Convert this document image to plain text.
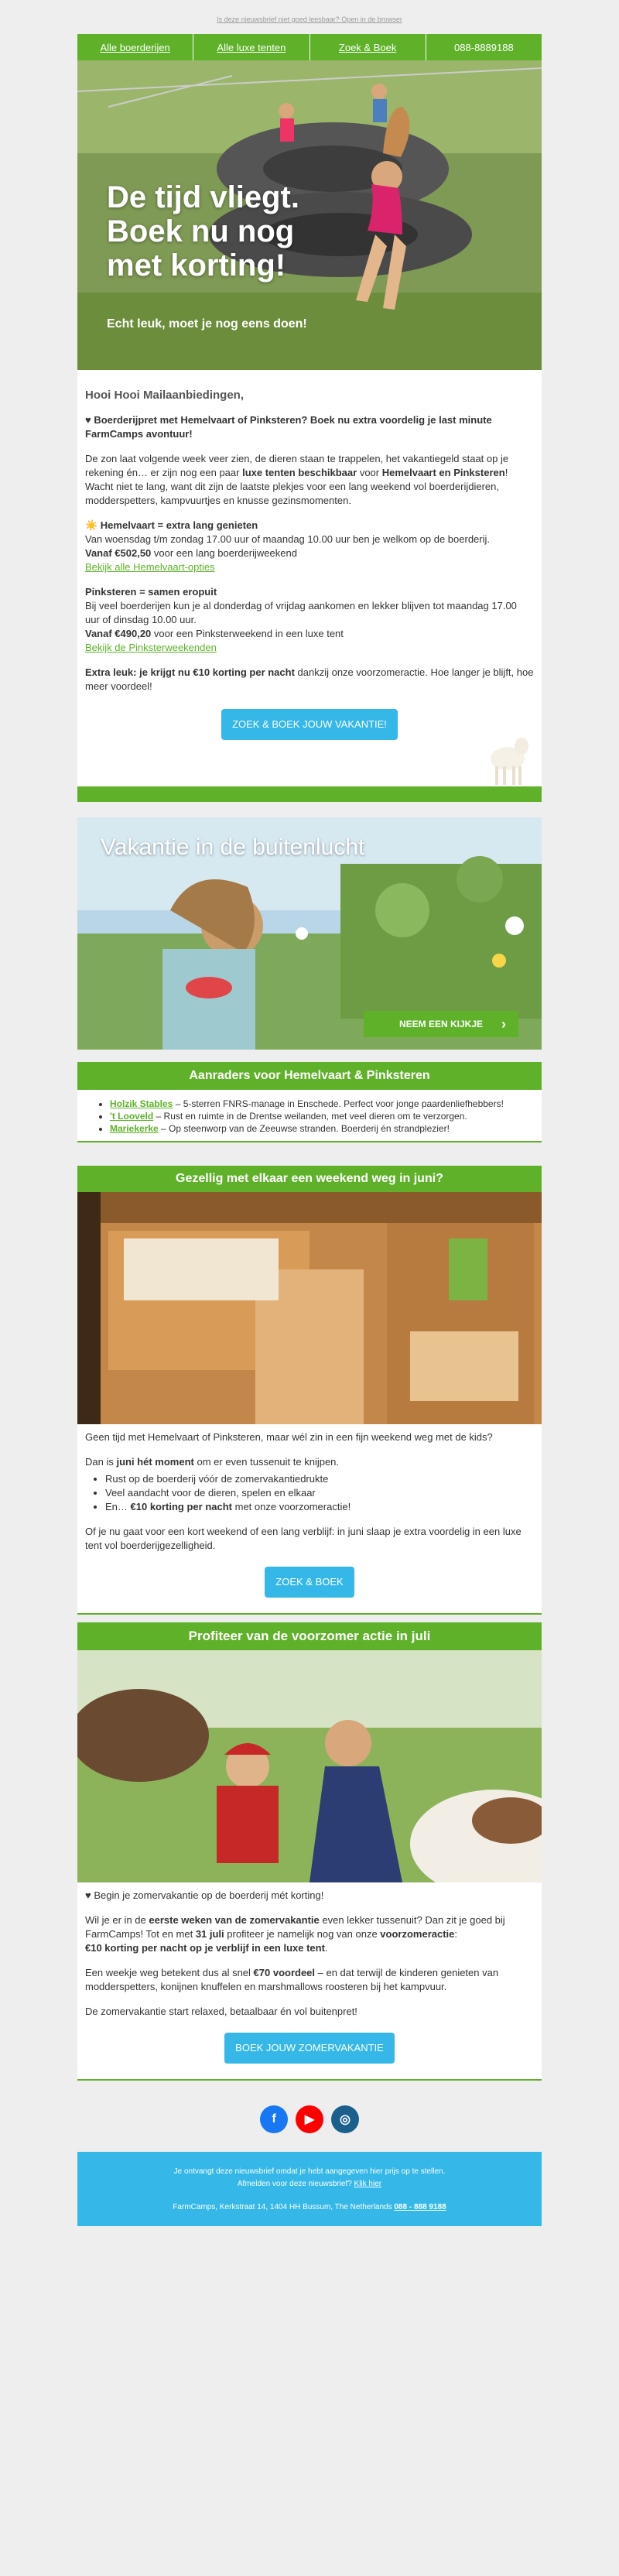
Is deze nieuwsbrief niet goed leesbaar? Open in de browser
Alle boerderijen	Alle luxe tenten	Zoek & Boek	088-8889188
De tijd vliegt.
Boek nu nog
met korting!
Echt leuk, moet je nog eens doen!

Hooi Hooi Mailaanbiedingen,

♥ Boerderijpret met Hemelvaart of Pinksteren? Boek nu extra voordelig je last minute FarmCamps avontuur!

De zon laat volgende week veer zien, de dieren staan te trappelen, het vakantiegeld staat op je rekening én… er zijn nog een paar luxe tenten beschikbaar voor Hemelvaart en Pinksteren! Wacht niet te lang, want dit zijn de laatste plekjes voor een lang weekend vol boerderijdieren, modderspetters, kampvuurtjes en knusse gezinsmomenten.

☀️ Hemelvaart = extra lang genieten
Van woensdag t/m zondag 17.00 uur of maandag 10.00 uur ben je welkom op de boerderij.
Vanaf €502,50 voor een lang boerderijweekend
Bekijk alle Hemelvaart-opties

Pinksteren = samen eropuit
Bij veel boerderijen kun je al donderdag of vrijdag aankomen en lekker blijven tot maandag 17.00 uur of dinsdag 10.00 uur.
Vanaf €490,20 voor een Pinksterweekend in een luxe tent
Bekijk de Pinksterweekenden

Extra leuk: je krijgt nu €10 korting per nacht dankzij onze voorzomeractie. Hoe langer je blijft, hoe meer voordeel!

ZOEK & BOEK JOUW VAKANTIE!
Vakantie in de buitenlucht
NEEM EEN KIJKJE ›
Aanraders voor Hemelvaart & Pinksteren
• Holzik Stables – 5-sterren FNRS-manage in Enschede. Perfect voor jonge paardenliefhebbers!
• 't Looveld – Rust en ruimte in de Drentse weilanden, met veel dieren om te verzorgen.
• Mariekerke – Op steenworp van de Zeeuwse stranden. Boerderij én strandplezier!
Gezellig met elkaar een weekend weg in juni?

Geen tijd met Hemelvaart of Pinksteren, maar wél zin in een fijn weekend weg met de kids?

Dan is juni hét moment om er even tussenuit te knijpen.

• Rust op de boerderij vóór de zomervakantiedrukte
• Veel aandacht voor de dieren, spelen en elkaar
• En… €10 korting per nacht met onze voorzomeractie!

Of je nu gaat voor een kort weekend of een lang verblijf: in juni slaap je extra voordelig in een luxe tent vol boerderijgezelligheid.

ZOEK & BOEK
Profiteer van de voorzomer actie in juli

♥ Begin je zomervakantie op de boerderij mét korting!

Wil je er in de eerste weken van de zomervakantie even lekker tussenuit? Dan zit je goed bij FarmCamps! Tot en met 31 juli profiteer je namelijk nog van onze voorzomeractie:
€10 korting per nacht op je verblijf in een luxe tent.

Een weekje weg betekent dus al snel €70 voordeel – en dat terwijl de kinderen genieten van modderspetters, konijnen knuffelen en marshmallows roosteren bij het kampvuur.

De zomervakantie start relaxed, betaalbaar én vol buitenpret!

BOEK JOUW ZOMERVAKANTIE
f	▶	◎
Je ontvangt deze nieuwsbrief omdat je hebt aangegeven hier prijs op te stellen.
Afmelden voor deze nieuwsbrief? Klik hier
FarmCamps, Kerkstraat 14, 1404 HH Bussum, The Netherlands 088 - 888 9188
